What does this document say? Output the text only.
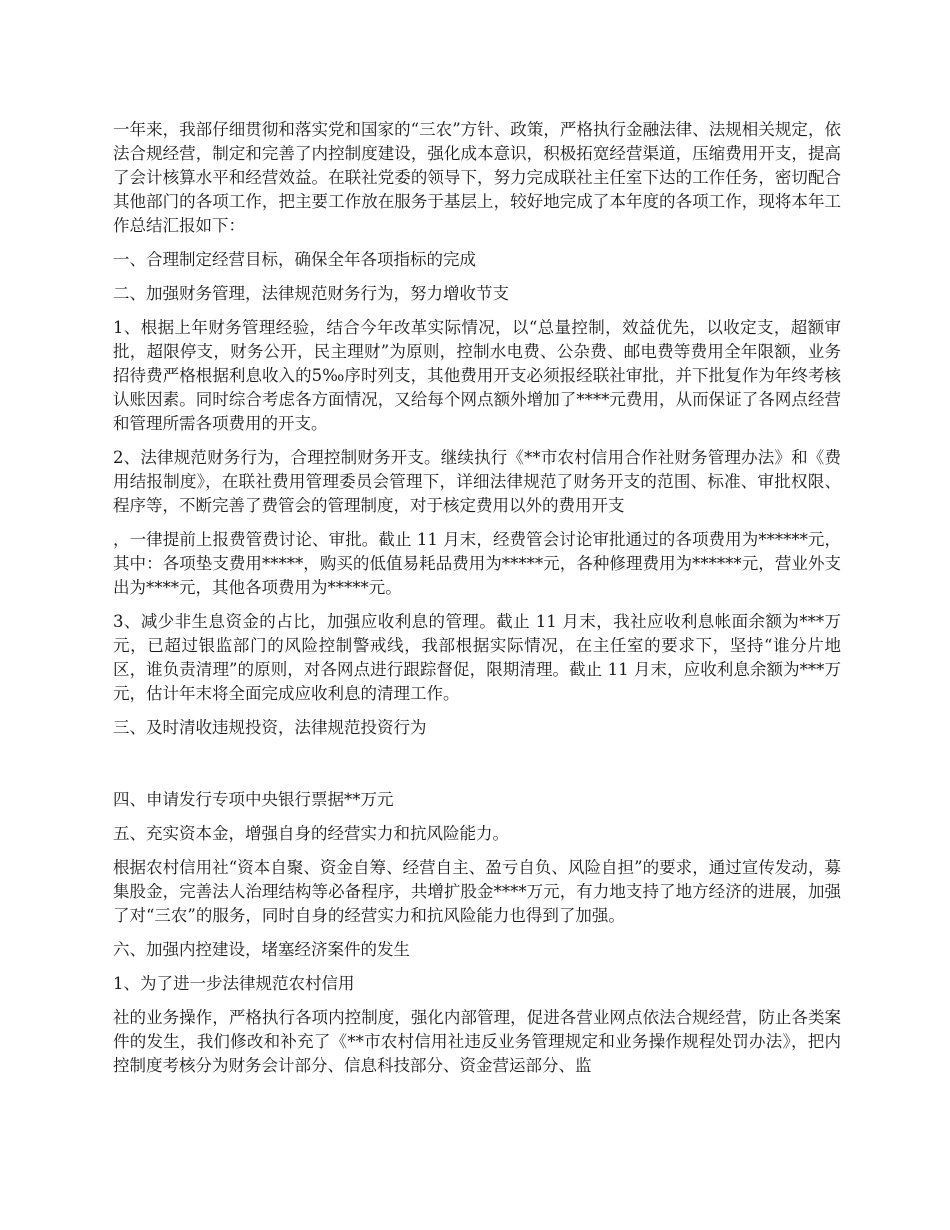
一年来，我部仔细贯彻和落实党和国家的“三农”方针、政策，严格执行金融法律、法规相关规定，依法合规经营，制定和完善了内控制度建设，强化成本意识，积极拓宽经营渠道，压缩费用开支，提高了会计核算水平和经营效益。在联社党委的领导下，努力完成联社主任室下达的工作任务，密切配合其他部门的各项工作，把主要工作放在服务于基层上，较好地完成了本年度的各项工作，现将本年工作总结汇报如下：

一、合理制定经营目标，确保全年各项指标的完成

二、加强财务管理，法律规范财务行为，努力增收节支

1、根据上年财务管理经验，结合今年改革实际情况，以“总量控制，效益优先，以收定支，超额审批，超限停支，财务公开，民主理财”为原则，控制水电费、公杂费、邮电费等费用全年限额，业务招待费严格根据利息收入的5‰序时列支，其他费用开支必须报经联社审批，并下批复作为年终考核认账因素。同时综合考虑各方面情况，又给每个网点额外增加了****元费用，从而保证了各网点经营和管理所需各项费用的开支。

2、法律规范财务行为，合理控制财务开支。继续执行《**市农村信用合作社财务管理办法》和《费用结报制度》，在联社费用管理委员会管理下，详细法律规范了财务开支的范围、标准、审批权限、程序等，不断完善了费管会的管理制度，对于核定费用以外的费用开支

，一律提前上报费管费讨论、审批。截止 11 月末，经费管会讨论审批通过的各项费用为******元，其中：各项垫支费用*****，购买的低值易耗品费用为*****元，各种修理费用为******元，营业外支出为****元，其他各项费用为*****元。

3、减少非生息资金的占比，加强应收利息的管理。截止 11 月末，我社应收利息帐面余额为***万元，已超过银监部门的风险控制警戒线，我部根据实际情况，在主任室的要求下，坚持“谁分片地区，谁负责清理”的原则，对各网点进行跟踪督促，限期清理。截止 11 月末，应收利息余额为***万元，估计年末将全面完成应收利息的清理工作。

三、及时清收违规投资，法律规范投资行为

四、申请发行专项中央银行票据**万元

五、充实资本金，增强自身的经营实力和抗风险能力。

根据农村信用社“资本自聚、资金自筹、经营自主、盈亏自负、风险自担”的要求，通过宣传发动，募集股金，完善法人治理结构等必备程序，共增扩股金****万元，有力地支持了地方经济的进展，加强了对“三农”的服务，同时自身的经营实力和抗风险能力也得到了加强。

六、加强内控建设，堵塞经济案件的发生

1、为了进一步法律规范农村信用

社的业务操作，严格执行各项内控制度，强化内部管理，促进各营业网点依法合规经营，防止各类案件的发生，我们修改和补充了《**市农村信用社违反业务管理规定和业务操作规程处罚办法》，把内控制度考核分为财务会计部分、信息科技部分、资金营运部分、监
